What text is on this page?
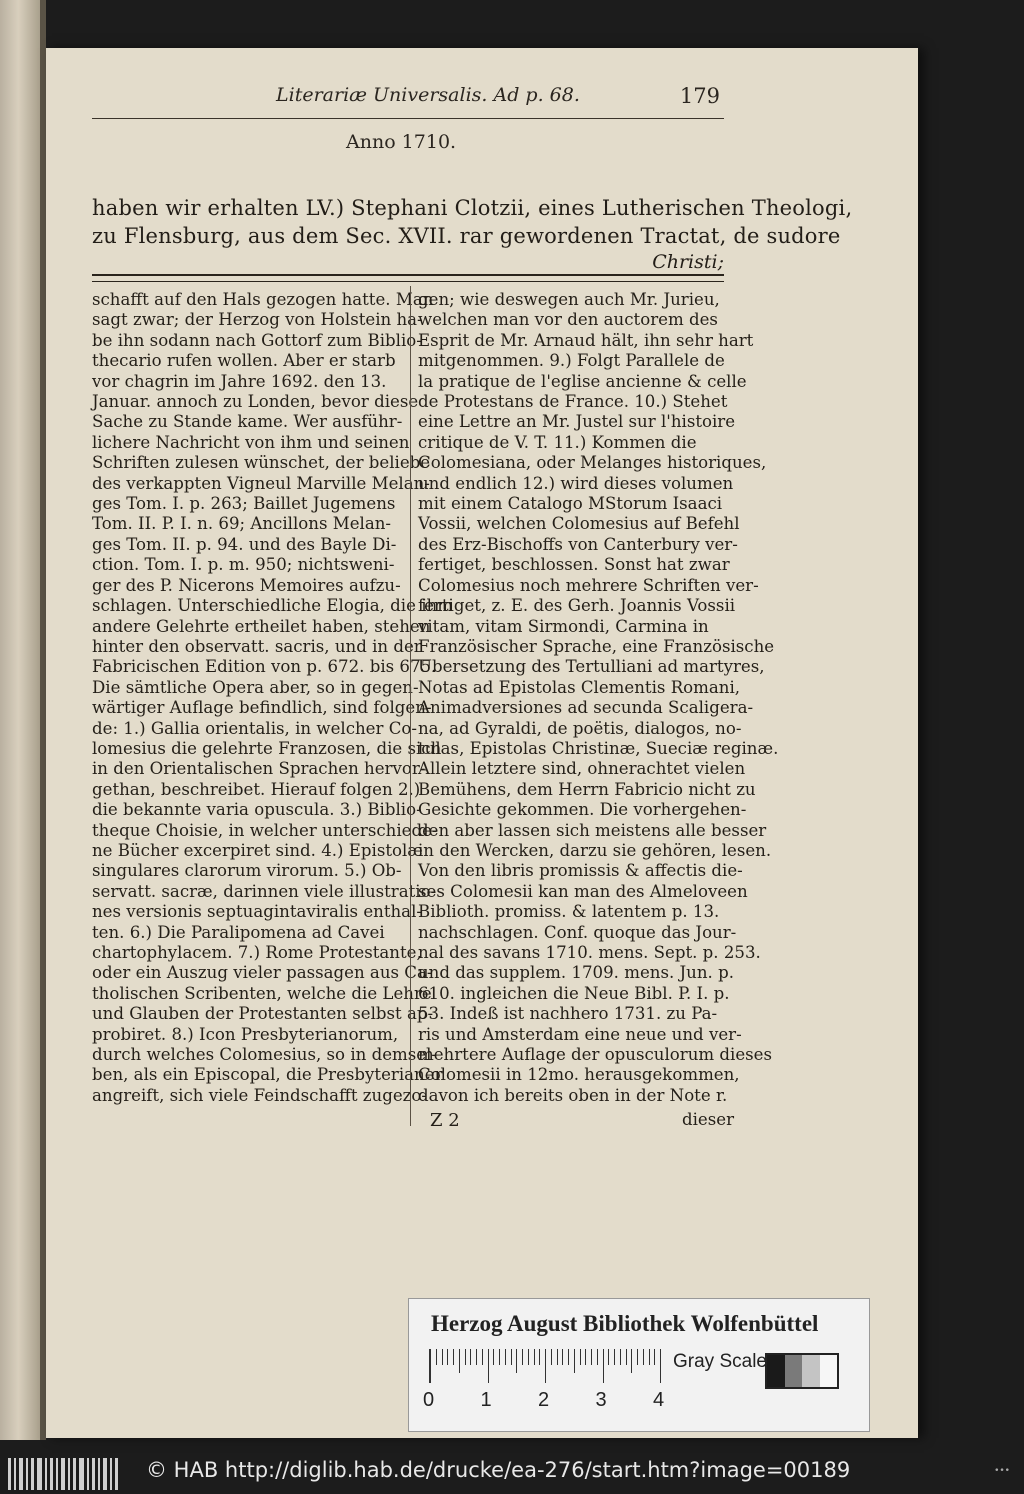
Literariæ Universalis. Ad p. 68.	179
Anno 1710.
haben wir erhalten LV.) Stephani Clotzii, eines Lutherischen Theologi,
zu Flensburg, aus dem Sec. XVII. rar gewordenen Tractat, de sudore
Christi;
schafft auf den Hals gezogen hatte. Man
sagt zwar; der Herzog von Holstein ha-
be ihn sodann nach Gottorf zum Biblio-
thecario rufen wollen. Aber er starb
vor chagrin im Jahre 1692. den 13.
Januar. annoch zu Londen, bevor diese
Sache zu Stande kame. Wer ausführ-
lichere Nachricht von ihm und seinen
Schriften zulesen wünschet, der beliebe
des verkappten Vigneul Marville Melan-
ges Tom. I. p. 263; Baillet Jugemens
Tom. II. P. I. n. 69; Ancillons Melan-
ges Tom. II. p. 94. und des Bayle Di-
ction. Tom. I. p. m. 950; nichtsweni-
ger des P. Nicerons Memoires aufzu-
schlagen. Unterschiedliche Elogia, die ihm
andere Gelehrte ertheilet haben, stehen
hinter den observatt. sacris, und in der
Fabricischen Edition von p. 672. bis 675.
Die sämtliche Opera aber, so in gegen-
wärtiger Auflage befindlich, sind folgen-
de: 1.) Gallia orientalis, in welcher Co-
lomesius die gelehrte Franzosen, die sich
in den Orientalischen Sprachen hervor-
gethan, beschreibet. Hierauf folgen 2.)
die bekannte varia opuscula. 3.) Biblio-
theque Choisie, in welcher unterschiede-
ne Bücher excerpiret sind. 4.) Epistolæ
singulares clarorum virorum. 5.) Ob-
servatt. sacræ, darinnen viele illustratio-
nes versionis septuagintaviralis enthal-
ten. 6.) Die Paralipomena ad Cavei
chartophylacem. 7.) Rome Protestante,
oder ein Auszug vieler passagen aus Ca-
tholischen Scribenten, welche die Lehre
und Glauben der Protestanten selbst ap-
probiret. 8.) Icon Presbyterianorum,
durch welches Colomesius, so in demsel-
ben, als ein Episcopal, die Presbyterianer
angreift, sich viele Feindschafft zugezo-
gen; wie deswegen auch Mr. Jurieu,
welchen man vor den auctorem des
Esprit de Mr. Arnaud hält, ihn sehr hart
mitgenommen. 9.) Folgt Parallele de
la pratique de l'eglise ancienne & celle
de Protestans de France. 10.) Stehet
eine Lettre an Mr. Justel sur l'histoire
critique de V. T. 11.) Kommen die
Colomesiana, oder Melanges historiques,
und endlich 12.) wird dieses volumen
mit einem Catalogo MStorum Isaaci
Vossii, welchen Colomesius auf Befehl
des Erz-Bischoffs von Canterbury ver-
fertiget, beschlossen. Sonst hat zwar
Colomesius noch mehrere Schriften ver-
fertiget, z. E. des Gerh. Joannis Vossii
vitam, vitam Sirmondi, Carmina in
Französischer Sprache, eine Französische
Ubersetzung des Tertulliani ad martyres,
Notas ad Epistolas Clementis Romani,
Animadversiones ad secunda Scaligera-
na, ad Gyraldi, de poëtis, dialogos, no-
tulas, Epistolas Christinæ, Sueciæ reginæ.
Allein letztere sind, ohnerachtet vielen
Bemühens, dem Herrn Fabricio nicht zu
Gesichte gekommen. Die vorhergehen-
den aber lassen sich meistens alle besser
in den Wercken, darzu sie gehören, lesen.
Von den libris promissis & affectis die-
ses Colomesii kan man des Almeloveen
Biblioth. promiss. & latentem p. 13.
nachschlagen. Conf. quoque das Jour-
nal des savans 1710. mens. Sept. p. 253.
und das supplem. 1709. mens. Jun. p.
610. ingleichen die Neue Bibl. P. I. p.
53. Indeß ist nachhero 1731. zu Pa-
ris und Amsterdam eine neue und ver-
mehrtere Auflage der opusculorum dieses
Colomesii in 12mo. herausgekommen,
davon ich bereits oben in der Note r.
Z 2	dieser
Herzog August Bibliothek Wolfenbüttel
0 1 2 3 4
Gray Scale
© HAB http://diglib.hab.de/drucke/ea-276/start.htm?image=00189	•••
